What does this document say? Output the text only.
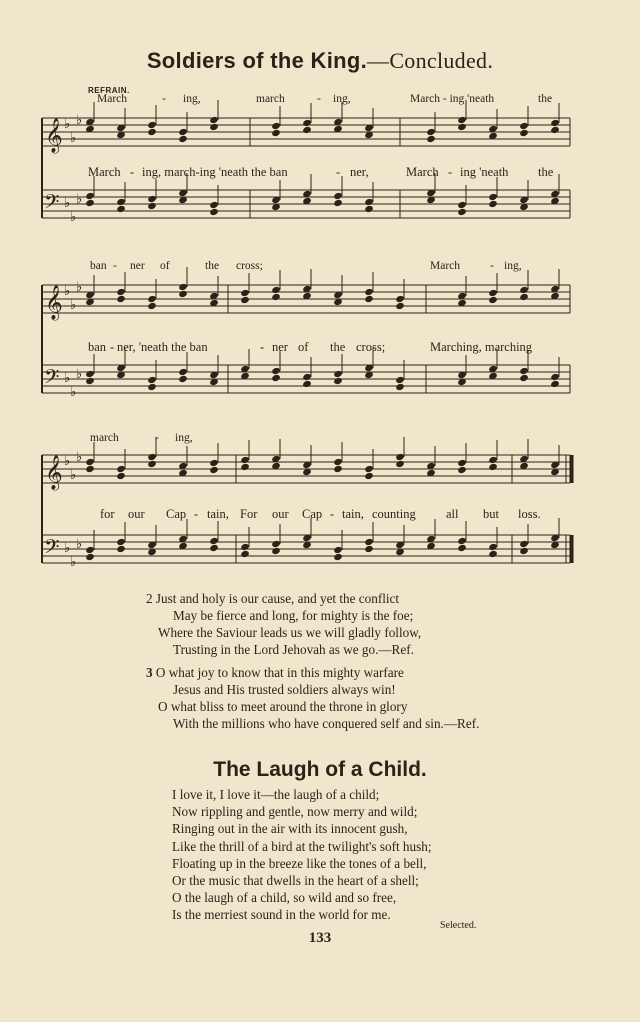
Soldiers of the King.—Concluded.
REFRAIN.
♭
♭
♭
♭
♭
♭
𝄞
𝄢
♭
♭
♭
♭
♭
♭
𝄞
𝄢
♭
♭
♭
♭
♭
♭
𝄞
𝄢
March	- ing,	march	- ing,	March - ing 'neath	the
March - ing, march-ing 'neath the ban	- ner,	March - ing 'neath the
ban - ner of	the cross;	March	- ing,
ban - ner, 'neath the ban	- ner of the cross;	Marching, marching
march	- ing,
for our Cap - tain, For our Cap - tain, counting all but loss.
2 Just and holy is our cause, and yet the conflict
May be fierce and long, for mighty is the foe;
Where the Saviour leads us we will gladly follow,
Trusting in the Lord Jehovah as we go.—Ref.
3 O what joy to know that in this mighty warfare
Jesus and His trusted soldiers always win!
O what bliss to meet around the throne in glory
With the millions who have conquered self and sin.—Ref.
The Laugh of a Child.
I love it, I love it—the laugh of a child;
Now rippling and gentle, now merry and wild;
Ringing out in the air with its innocent gush,
Like the thrill of a bird at the twilight's soft hush;
Floating up in the breeze like the tones of a bell,
Or the music that dwells in the heart of a shell;
O the laugh of a child, so wild and so free,
Is the merriest sound in the world for me.
Selected.
133
